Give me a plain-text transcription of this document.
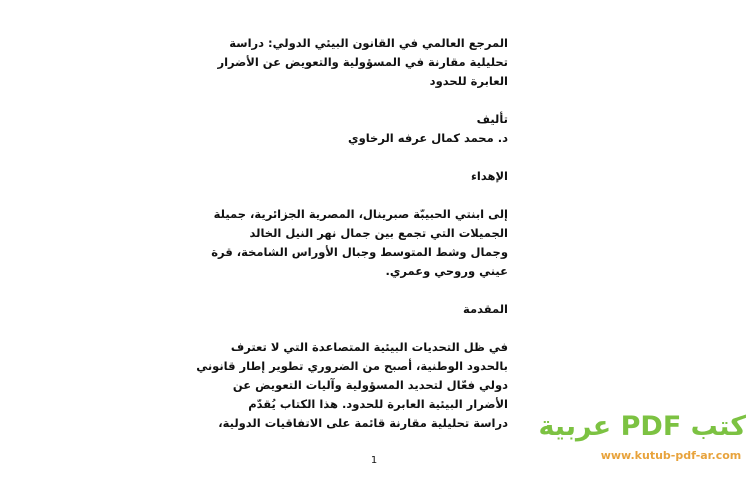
المرجع العالمي في القانون البيئي الدولي: دراسة
تحليلية مقارنة في المسؤولية والتعويض عن الأضرار
العابرة للحدود
تأليف
د. محمد كمال عرفه الرخاوي
الإهداء
إلى ابنتي الحبيبّة صبرينال، المصرية الجزائرية، جميلة
الجميلات التي تجمع بين جمال نهر النيل الخالد
وجمال وشط المتوسط وجبال الأوراس الشامخة، قرة
عيني وروحي وعمري.
المقدمة
في ظل التحديات البيئية المتصاعدة التي لا تعترف
بالحدود الوطنية، أصبح من الضروري تطوير إطار قانوني
دولي فعّال لتحديد المسؤولية وآليات التعويض عن
الأضرار البيئية العابرة للحدود. هذا الكتاب يُقدّم
دراسة تحليلية مقارنة قائمة على الاتفاقيات الدولية،
1
كتب PDF عربية
www.kutub-pdf-ar.com
